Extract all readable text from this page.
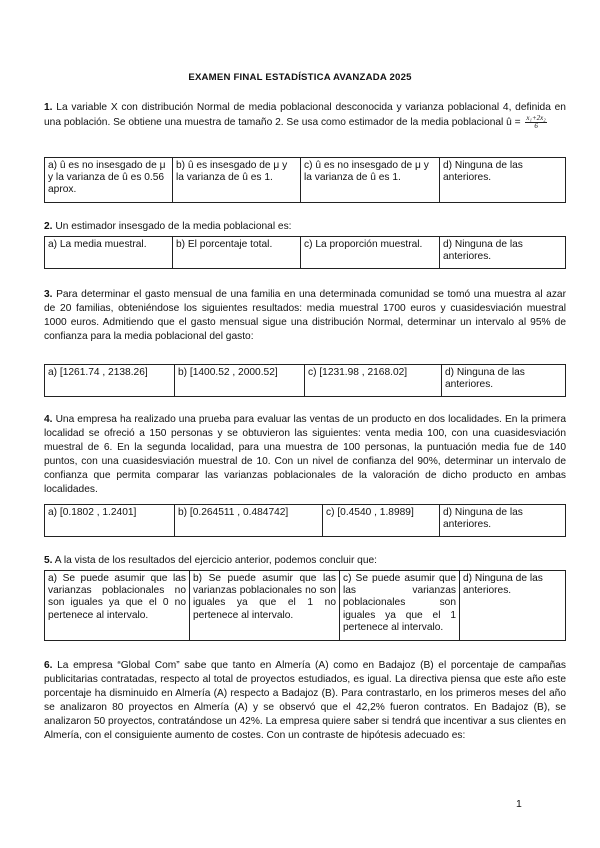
EXAMEN FINAL ESTADÍSTICA AVANZADA 2025
1. La variable X con distribución Normal de media poblacional desconocida y varianza poblacional 4, definida en una población. Se obtiene una muestra de tamaño 2. Se usa como estimador de la media poblacional û = $\frac{\text{x₁+2x₂}}{6}$
a) û es no insesgado de μ y la varianza de û es 0.56 aprox.	b) û es insesgado de μ y la varianza de û es 1.	c) û es no insesgado de μ y la varianza de û es 1.	d) Ninguna de las anteriores.
2. Un estimador insesgado de la media poblacional es:
a) La media muestral.	b) El porcentaje total.	c) La proporción muestral.	d) Ninguna de las anteriores.
3. Para determinar el gasto mensual de una familia en una determinada comunidad se tomó una muestra al azar de 20 familias, obteniéndose los siguientes resultados: media muestral 1700 euros y cuasidesviación muestral 1000 euros. Admitiendo que el gasto mensual sigue una distribución Normal, determinar un intervalo al 95% de confianza para la media poblacional del gasto:
a) [1261.74 , 2138.26]	b) [1400.52 , 2000.52]	c) [1231.98 , 2168.02]	d) Ninguna de las anteriores.
4. Una empresa ha realizado una prueba para evaluar las ventas de un producto en dos localidades. En la primera localidad se ofreció a 150 personas y se obtuvieron las siguientes: venta media 100, con una cuasidesviación muestral de 6. En la segunda localidad, para una muestra de 100 personas, la puntuación media fue de 140 puntos, con una cuasidesviación muestral de 10. Con un nivel de confianza del 90%, determinar un intervalo de confianza que permita comparar las varianzas poblacionales de la valoración de dicho producto en ambas localidades.
a) [0.1802 , 1.2401]	b) [0.264511 , 0.484742]	c) [0.4540 , 1.8989]	d) Ninguna de las anteriores.
5. A la vista de los resultados del ejercicio anterior, podemos concluir que:
a) Se puede asumir que las varianzas poblacionales no son iguales ya que el 0 no pertenece al intervalo.	b) Se puede asumir que las varianzas poblacionales no son iguales ya que el 1 no pertenece al intervalo.	c) Se puede asumir que las varianzas poblacionales son iguales ya que el 1 pertenece al intervalo.	d) Ninguna de las anteriores.
6. La empresa “Global Com” sabe que tanto en Almería (A) como en Badajoz (B) el porcentaje de campañas publicitarias contratadas, respecto al total de proyectos estudiados, es igual. La directiva piensa que este año este porcentaje ha disminuido en Almería (A) respecto a Badajoz (B). Para contrastarlo, en los primeros meses del año se analizaron 80 proyectos en Almería (A) y se observó que el 42,2% fueron contratos. En Badajoz (B), se analizaron 50 proyectos, contratándose un 42%. La empresa quiere saber si tendrá que incentivar a sus clientes en Almería, con el consiguiente aumento de costes. Con un contraste de hipótesis adecuado es:
1
